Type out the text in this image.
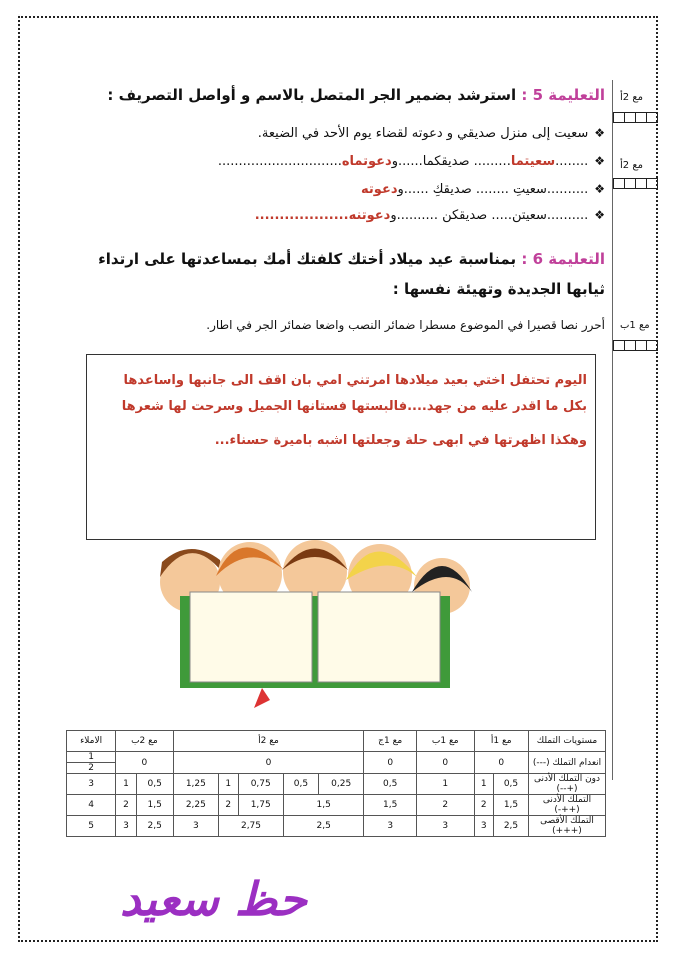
مع 2أ
مع 2أ
مع 1ب
التعليمة 5 : استرشد بضمير الجر المتصل بالاسم و أواصل التصريف :
❖سعيت إلى منزل صديقي و دعوته لقضاء يوم الأحد في الضيعة.
❖........سعيتما......... صديقكما......ودعوتماه..............................
❖..........سعيتِ ........ صديقكِ ......ودعوته
❖..........سعيتن..... صديقكن ..........ودعوتنه...................
التعليمة 6 : بمناسبة عيد ميلاد أختك كلفتك أمك بمساعدتها على ارتداء
ثيابها الجديدة وتهيئة نفسها :
أحرر نصا قصيرا في الموضوع مسطرا ضمائر النصب واضعا ضمائر الجر في اطار.
اليوم تحتفل اختي بعيد ميلادها امرتني امي بان اقف الى جانبها واساعدها
بكل ما اقدر عليه من جهد....فالبستها فستانها الجميل وسرحت لها شعرها
وهكذا اظهرتها في ابهى حلة وجعلتها اشبه باميرة حسناء...
مستويات التملك	مع 1أ		مع 1ب	مع 1ج	مع 2أ					مع 2ب		الاملاء
انعدام التملك (---)	0		0	0	0					0		1
												2
دون التملك الأدنى (+--)	0,5	1	1	0,5	0,25	0,5	0,75	1	1,25	0,5	1	3
التملك الأدنى (++-)	1,5	2	2	1,5	1,5		1,75	2	2,25	1,5	2	4
التملك الأقصى (+++)	2,5	3	3	3	2,5		2,75		3	2,5	3	5
حظ سعيد
